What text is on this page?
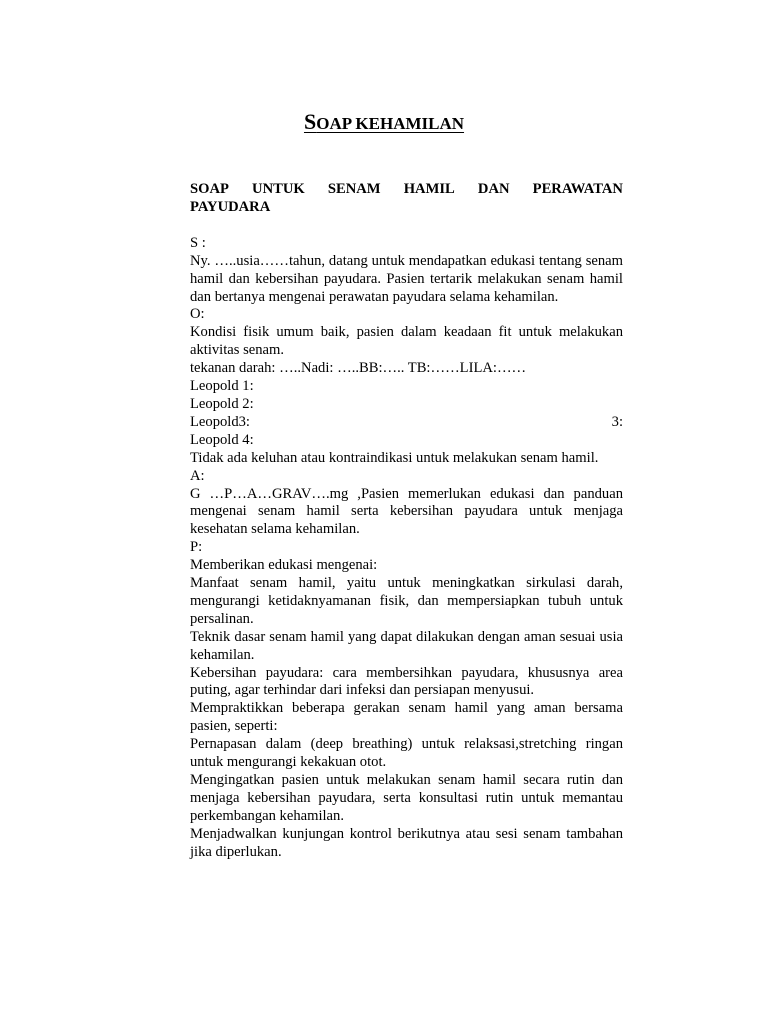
SOAP KEHAMILAN
SOAP UNTUK SENAM HAMIL DAN PERAWATAN
PAYUDARA

S :

Ny. …..usia……tahun, datang untuk mendapatkan edukasi tentang senam hamil dan kebersihan payudara. Pasien tertarik melakukan senam hamil dan bertanya mengenai perawatan payudara selama kehamilan.

O:

Kondisi fisik umum baik, pasien dalam keadaan fit untuk melakukan aktivitas senam.

tekanan darah: …..Nadi: …..BB:….. TB:……LILA:……

Leopold 1:

Leopold 2:

Leopold3:	3:

Leopold 4:

Tidak ada keluhan atau kontraindikasi untuk melakukan senam hamil.

A:

G …P…A…GRAV….mg ,Pasien memerlukan edukasi dan panduan mengenai senam hamil serta kebersihan payudara untuk menjaga kesehatan selama kehamilan.

P:

Memberikan edukasi mengenai:

Manfaat senam hamil, yaitu untuk meningkatkan sirkulasi darah, mengurangi ketidaknyamanan fisik, dan mempersiapkan tubuh untuk persalinan.

Teknik dasar senam hamil yang dapat dilakukan dengan aman sesuai usia kehamilan.

Kebersihan payudara: cara membersihkan payudara, khususnya area puting, agar terhindar dari infeksi dan persiapan menyusui.

Mempraktikkan beberapa gerakan senam hamil yang aman bersama pasien, seperti:

Pernapasan dalam (deep breathing) untuk relaksasi,stretching ringan untuk mengurangi kekakuan otot.

Mengingatkan pasien untuk melakukan senam hamil secara rutin dan menjaga kebersihan payudara, serta konsultasi rutin untuk memantau perkembangan kehamilan.

Menjadwalkan kunjungan kontrol berikutnya atau sesi senam tambahan jika diperlukan.
